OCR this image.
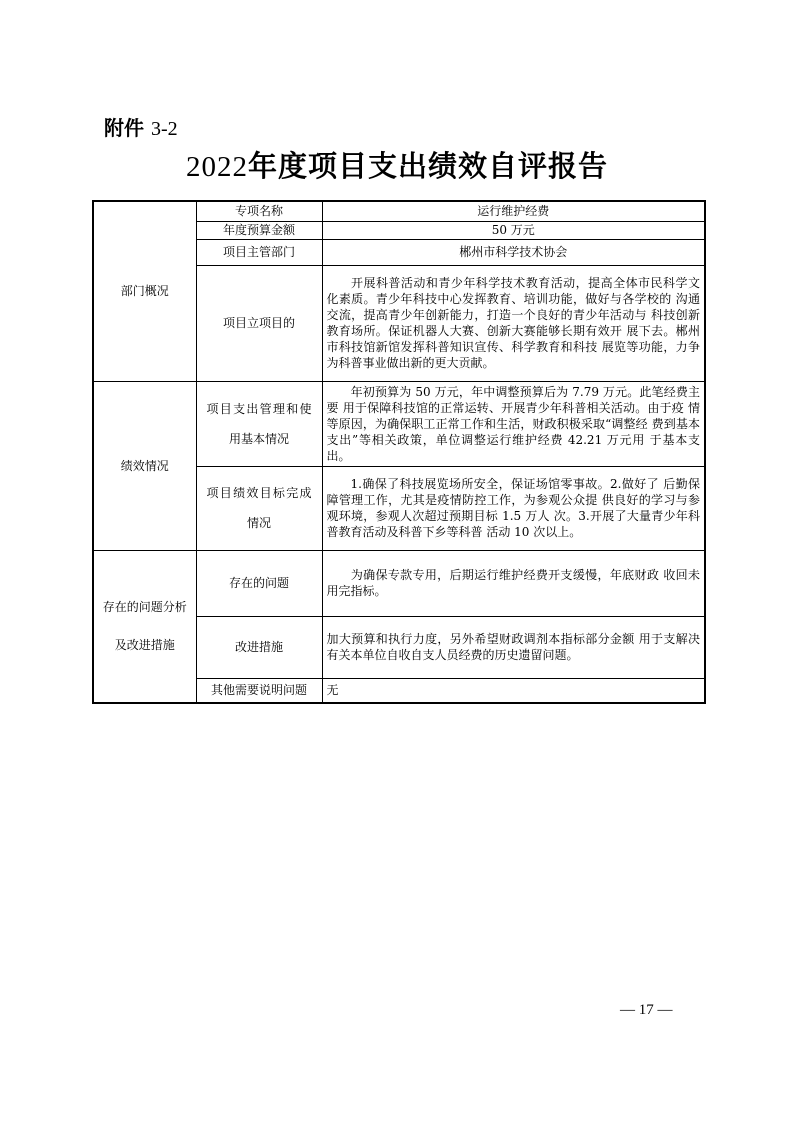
附件 3-2
2022年度项目支出绩效自评报告
部门概况	专项名称	运行维护经费
	年度预算金额	50 万元
	项目主管部门	郴州市科学技术协会
	项目立项目的	开展科普活动和青少年科学技术教育活动，提高全体市民科学文 化素质。青少年科技中心发挥教育、培训功能，做好与各学校的 沟通交流，提高青少年创新能力，打造一个良好的青少年活动与 科技创新教育场所。保证机器人大赛、创新大赛能够长期有效开 展下去。郴州市科技馆新馆发挥科普知识宣传、科学教育和科技 展览等功能，力争为科普事业做出新的更大贡献。
绩效情况	项目支出管理和使用基本情况	年初预算为 50 万元，年中调整预算后为 7.79 万元。此笔经费主要 用于保障科技馆的正常运转、开展青少年科普相关活动。由于疫 情等原因，为确保职工正常工作和生活，财政积极采取“调整经 费到基本支出”等相关政策，单位调整运行维护经费 42.21 万元用 于基本支出。

	项目绩效目标完成情况	1.确保了科技展览场所安全，保证场馆零事故。2.做好了 后勤保障管理工作，尤其是疫情防控工作，为参观公众提 供良好的学习与参观环境，参观人次超过预期目标 1.5 万人 次。3.开展了大量青少年科普教育活动及科普下乡等科普 活动 10 次以上。

存在的问题分析及改进措施	存在的问题	为确保专款专用，后期运行维护经费开支缓慢，年底财政 收回未用完指标。
	改进措施	加大预算和执行力度，另外希望财政调剂本指标部分金额 用于支解决有关本单位自收自支人员经费的历史遗留问题。
	其他需要说明问题	无
— 17 —
